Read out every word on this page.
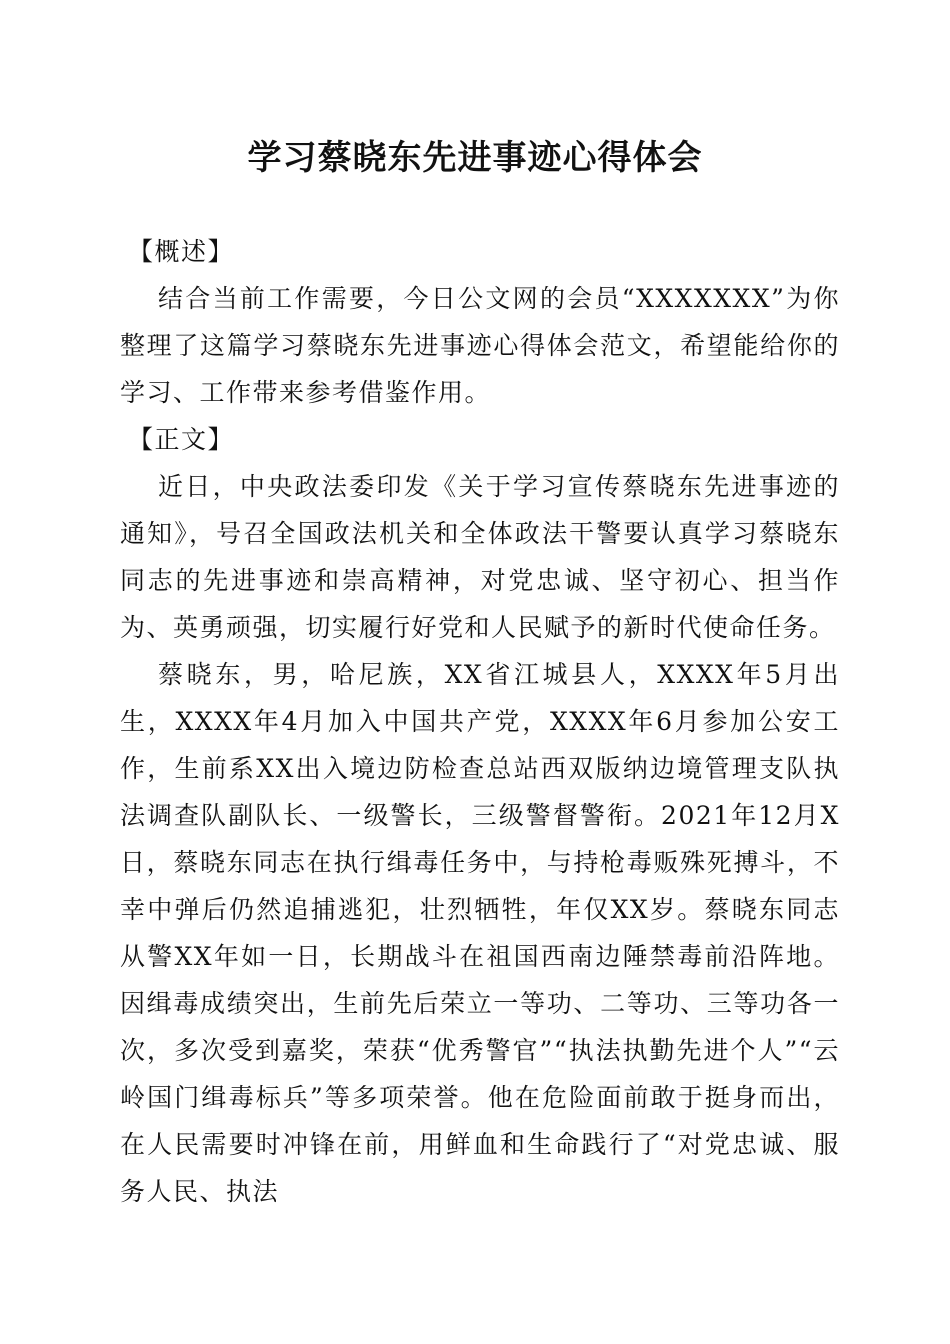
学习蔡晓东先进事迹心得体会

【概述】

结合当前工作需要，今日公文网的会员“XXXXXXX”为你整理了这篇学习蔡晓东先进事迹心得体会范文，希望能给你的学习、工作带来参考借鉴作用。

【正文】

近日，中央政法委印发《关于学习宣传蔡晓东先进事迹的通知》，号召全国政法机关和全体政法干警要认真学习蔡晓东同志的先进事迹和崇高精神，对党忠诚、坚守初心、担当作为、英勇顽强，切实履行好党和人民赋予的新时代使命任务。

蔡晓东，男，哈尼族，XX省江城县人，XXXX年5月出生，XXXX年4月加入中国共产党，XXXX年6月参加公安工作，生前系XX出入境边防检查总站西双版纳边境管理支队执法调查队副队长、一级警长，三级警督警衔。2021年12月X日，蔡晓东同志在执行缉毒任务中，与持枪毒贩殊死搏斗，不幸中弹后仍然追捕逃犯，壮烈牺牲，年仅XX岁。蔡晓东同志从警XX年如一日，长期战斗在祖国西南边陲禁毒前沿阵地。因缉毒成绩突出，生前先后荣立一等功、二等功、三等功各一次，多次受到嘉奖，荣获“优秀警官”“执法执勤先进个人”“云岭国门缉毒标兵”等多项荣誉。他在危险面前敢于挺身而出，在人民需要时冲锋在前，用鲜血和生命践行了“对党忠诚、服务人民、执法
